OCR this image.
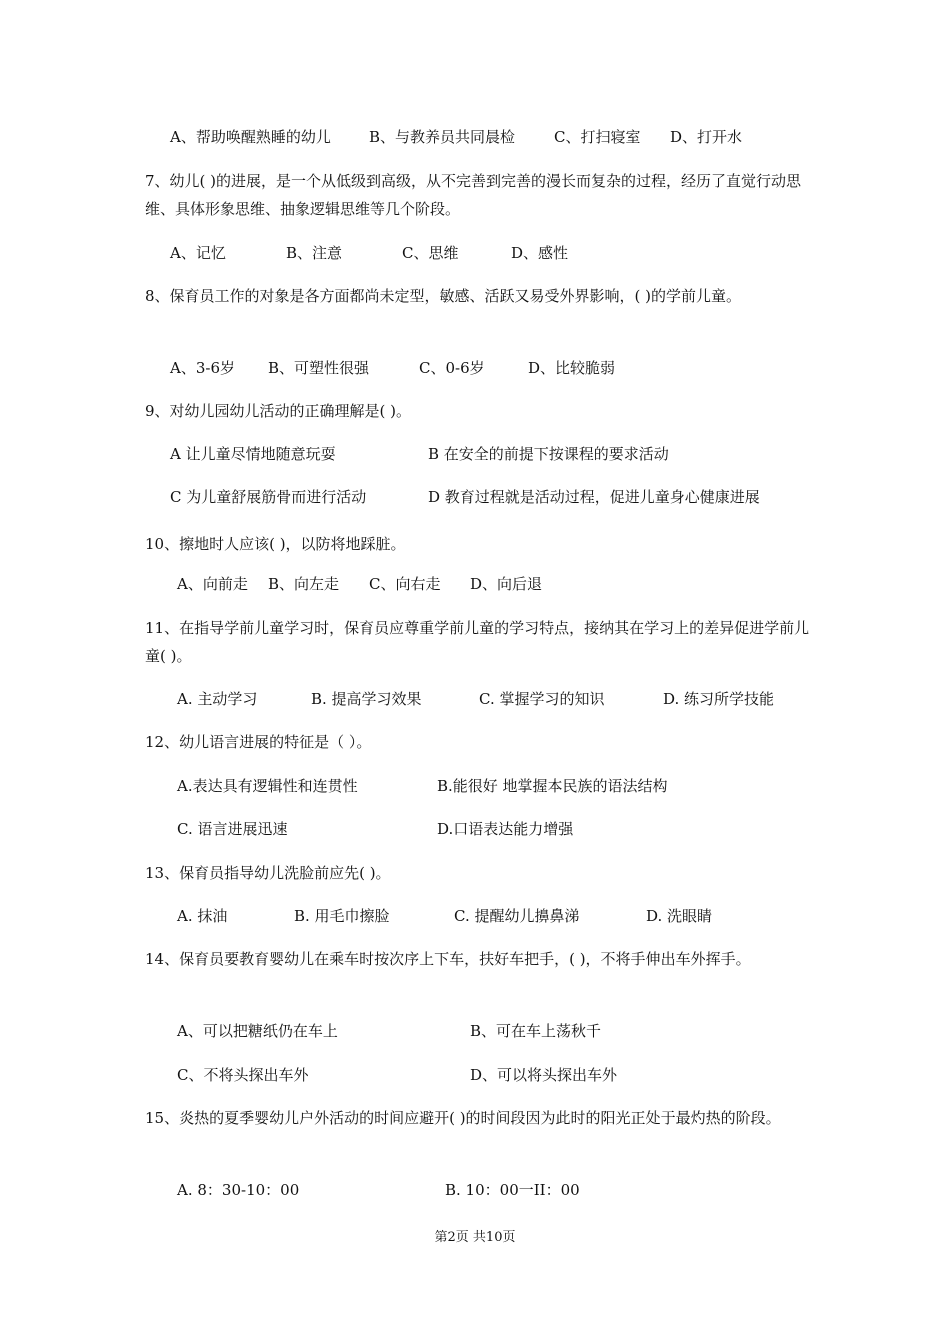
A、帮助唤醒熟睡的幼儿	B、与教养员共同晨检	C、打扫寝室 D、打开水
7、幼儿( )的进展，是一个从低级到高级，从不完善到完善的漫长而复杂的过程，经历了直觉行动思维、具体形象思维、抽象逻辑思维等几个阶段。
A、记忆	B、注意	C、思维	D、感性
8、保育员工作的对象是各方面都尚未定型，敏感、活跃又易受外界影响，( )的学前儿童。
A、3-6岁 B、可塑性很强	C、0-6岁	D、比较脆弱
9、对幼儿园幼儿活动的正确理解是( )。
A 让儿童尽情地随意玩耍	B 在安全的前提下按课程的要求活动
C 为儿童舒展筋骨而进行活动	D 教育过程就是活动过程，促进儿童身心健康进展
10、擦地时人应该( )，以防将地踩脏。
A、向前走 B、向左走 C、向右走 D、向后退
11、在指导学前儿童学习时，保育员应尊重学前儿童的学习特点，接纳其在学习上的差异促进学前儿童( )。
A. 主动学习	B. 提高学习效果	C. 掌握学习的知识	D. 练习所学技能
12、幼儿语言进展的特征是（ ）。
A.表达具有逻辑性和连贯性	B.能很好 地掌握本民族的语法结构
C. 语言进展迅速	D.口语表达能力增强
13、保育员指导幼儿洗脸前应先( )。
A. 抹油	B. 用毛巾擦脸	C. 提醒幼儿擤鼻涕	D. 洗眼睛
14、保育员要教育婴幼儿在乘车时按次序上下车，扶好车把手，( )，不将手伸出车外挥手。
A、可以把糖纸仍在车上	B、可在车上荡秋千
C、不将头探出车外	D、可以将头探出车外
15、炎热的夏季婴幼儿户外活动的时间应避开( )的时间段因为此时的阳光正处于最灼热的阶段。
A. 8：30-10：00	B. 10：00一II：00
第2页 共10页
